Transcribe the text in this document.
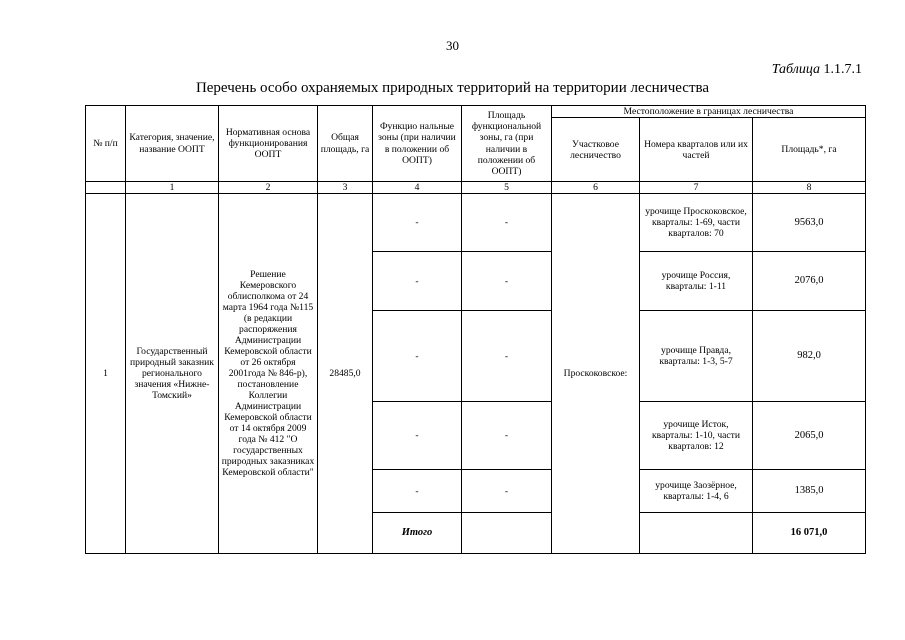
30
Таблица 1.1.7.1
Перечень особо охраняемых природных территорий на территории лесничества
№ п/п	Категория, значение, название ООПТ	Нормативная основа функционирования ООПТ	Общая площадь, га	Функцио нальные зоны (при наличии в положении об ООПТ)	Площадь функциональной зоны, га (при наличии в положении об ООПТ)	Местоположение в границах лесничества		
						Участковое лесничество	Номера кварталов или их частей	Площадь*, га
	1	2	3	4	5	6	7	8
1	Государственный природный заказник регионального значения «Нижне-Томский»	Решение Кемеровского облисполкома от 24 марта 1964 года №115 (в редакции распоряжения Администрации Кемеровской области от 26 октября 2001года № 846-р), постановление Коллегии Администрации Кемеровской области от 14 октября 2009 года № 412 "О государственных природных заказниках Кемеровской области"	28485,0	-	-	Проскоковское:	урочище Проскоковское, кварталы: 1-69, части кварталов: 70	9563,0
				-	-		урочище Россия, кварталы: 1-11	2076,0
				-	-		урочище Правда, кварталы: 1-3, 5-7	982,0
				-	-		урочище Исток, кварталы: 1-10, части кварталов: 12	2065,0
				-	-		урочище Заозёрное, кварталы: 1-4, 6	1385,0
				Итого				16 071,0
